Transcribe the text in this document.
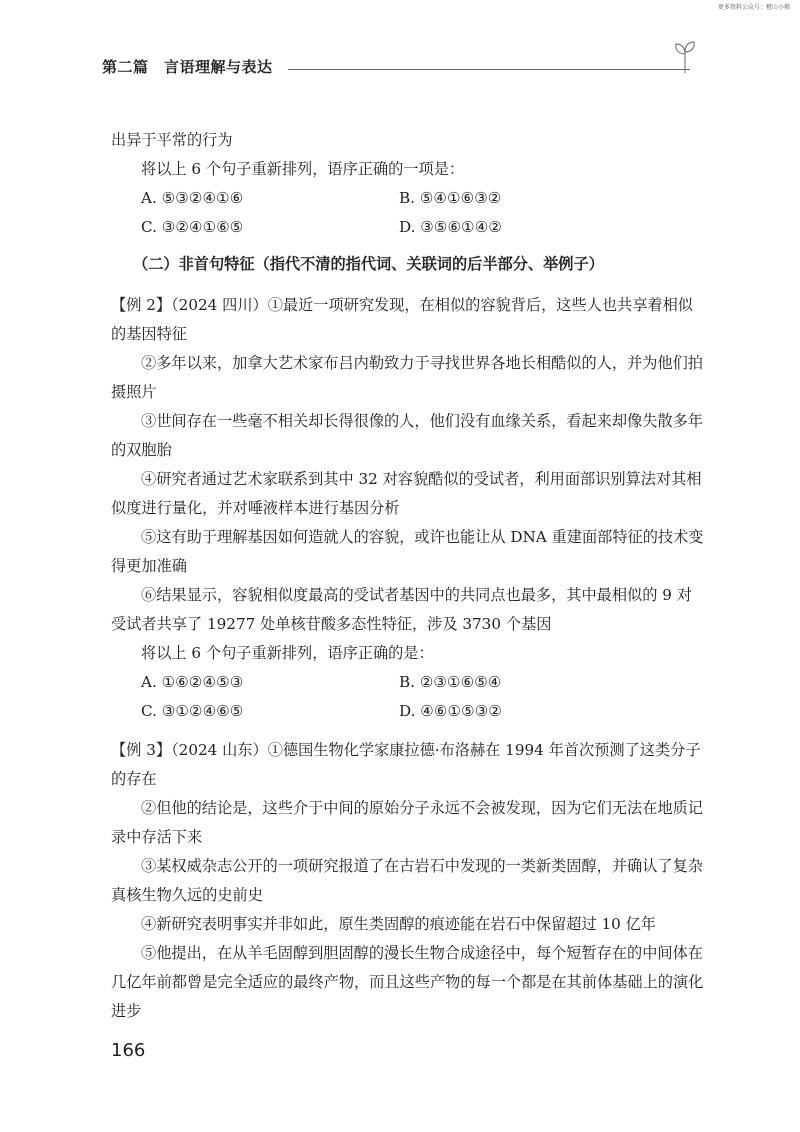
更多资料公众号：橙山小稀
第二篇　言语理解与表达

出异于平常的行为

将以上 6 个句子重新排列，语序正确的一项是：

A. ⑤③②④①⑥	B. ⑤④①⑥③②
C. ③②④①⑥⑤	D. ③⑤⑥①④②

（二）非首句特征（指代不清的指代词、关联词的后半部分、举例子）

【例 2】（2024 四川）①最近一项研究发现，在相似的容貌背后，这些人也共享着相似的基因特征

②多年以来，加拿大艺术家布吕内勒致力于寻找世界各地长相酷似的人，并为他们拍摄照片

③世间存在一些毫不相关却长得很像的人，他们没有血缘关系，看起来却像失散多年的双胞胎

④研究者通过艺术家联系到其中 32 对容貌酷似的受试者，利用面部识别算法对其相似度进行量化，并对唾液样本进行基因分析

⑤这有助于理解基因如何造就人的容貌，或许也能让从 DNA 重建面部特征的技术变得更加准确

⑥结果显示，容貌相似度最高的受试者基因中的共同点也最多，其中最相似的 9 对受试者共享了 19277 处单核苷酸多态性特征，涉及 3730 个基因

将以上 6 个句子重新排列，语序正确的是：

A. ①⑥②④⑤③	B. ②③①⑥⑤④
C. ③①②④⑥⑤	D. ④⑥①⑤③②

【例 3】（2024 山东）①德国生物化学家康拉德·布洛赫在 1994 年首次预测了这类分子的存在

②但他的结论是，这些介于中间的原始分子永远不会被发现，因为它们无法在地质记录中存活下来

③某权威杂志公开的一项研究报道了在古岩石中发现的一类新类固醇，并确认了复杂真核生物久远的史前史

④新研究表明事实并非如此，原生类固醇的痕迹能在岩石中保留超过 10 亿年

⑤他提出，在从羊毛固醇到胆固醇的漫长生物合成途径中，每个短暂存在的中间体在几亿年前都曾是完全适应的最终产物，而且这些产物的每一个都是在其前体基础上的演化进步

166
